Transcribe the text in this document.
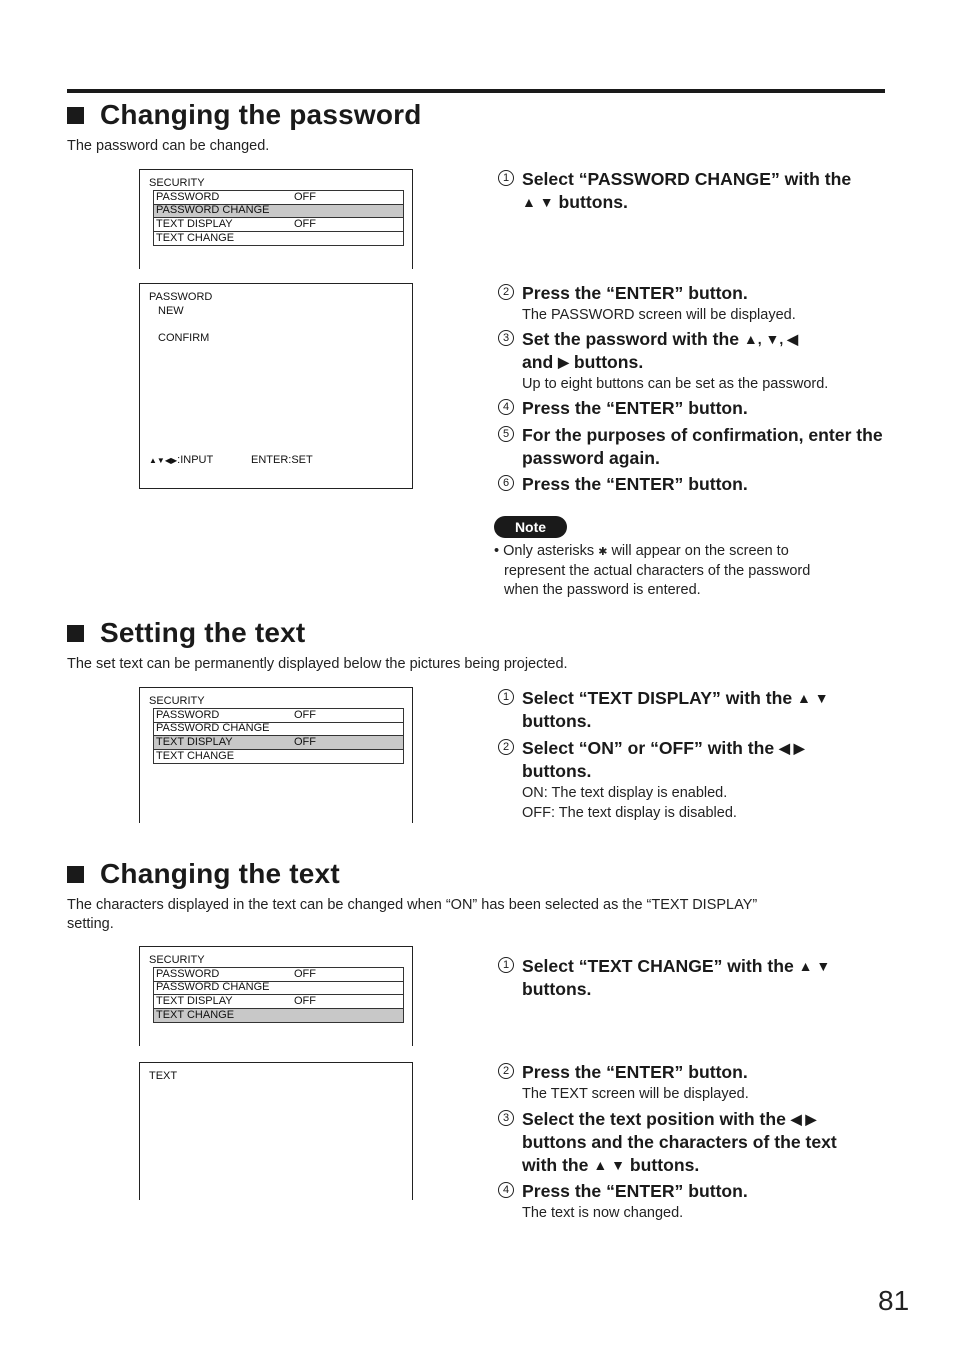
Changing the password
The password can be changed.
SECURITY
PASSWORD	OFF
PASSWORD CHANGE
TEXT DISPLAY	OFF
TEXT CHANGE
PASSWORD
NEW
CONFIRM
▲▼◀▶:INPUT	ENTER:SET
1 Select “PASSWORD CHANGE” with the
▲ ▼ buttons.
2 Press the “ENTER” button.
The PASSWORD screen will be displayed.
3 Set the password with the ▲, ▼, ◀
and ▶ buttons.
Up to eight buttons can be set as the password.
4 Press the “ENTER” button.
5 For the purposes of confirmation, enter the password again.
6 Press the “ENTER” button.
Note
• Only asterisks ✱ will appear on the screen to
represent the actual characters of the password
when the password is entered.
Setting the text
The set text can be permanently displayed below the pictures being projected.
SECURITY
PASSWORD	OFF
PASSWORD CHANGE
TEXT DISPLAY	OFF
TEXT CHANGE
1 Select “TEXT DISPLAY” with the ▲ ▼
buttons.
2 Select “ON” or “OFF” with the ◀ ▶
buttons.
ON: The text display is enabled.
OFF: The text display is disabled.
Changing the text
The characters displayed in the text can be changed when “ON” has been selected as the “TEXT DISPLAY”
setting.
SECURITY
PASSWORD	OFF
PASSWORD CHANGE
TEXT DISPLAY	OFF
TEXT CHANGE
TEXT
1 Select “TEXT CHANGE” with the ▲ ▼
buttons.
2 Press the “ENTER” button.
The TEXT screen will be displayed.
3 Select the text position with the ◀ ▶
buttons and the characters of the text
with the ▲ ▼ buttons.
4 Press the “ENTER” button.
The text is now changed.
81
